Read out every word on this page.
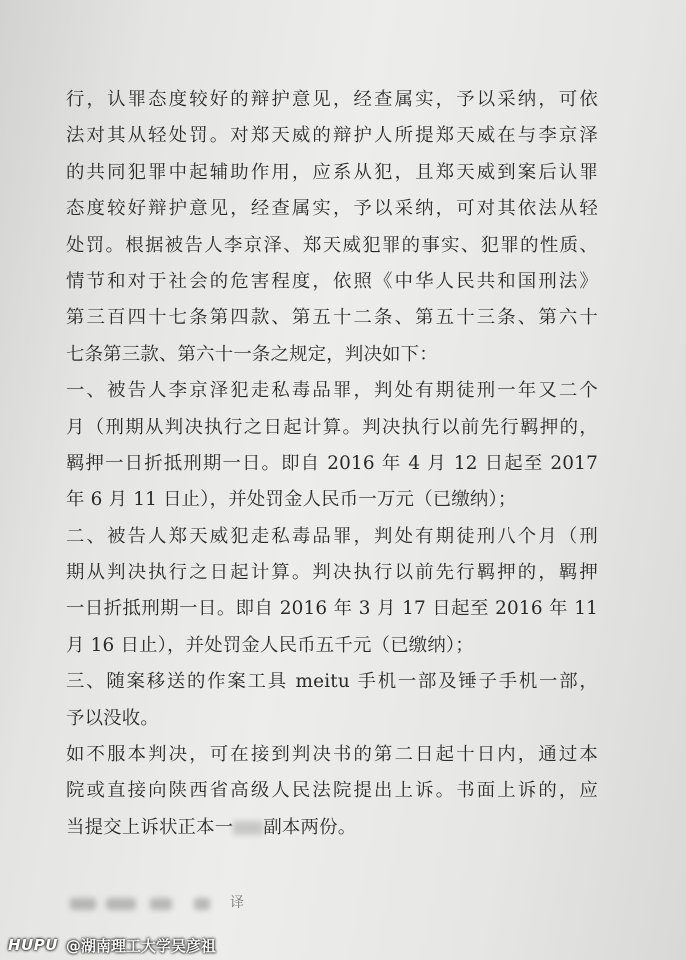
行，认罪态度较好的辩护意见，经查属实，予以采纳，可依
法对其从轻处罚。对郑天威的辩护人所提郑天威在与李京泽
的共同犯罪中起辅助作用，应系从犯，且郑天威到案后认罪
态度较好辩护意见，经查属实，予以采纳，可对其依法从轻
处罚。根据被告人李京泽、郑天威犯罪的事实、犯罪的性质、
情节和对于社会的危害程度，依照《中华人民共和国刑法》
第三百四十七条第四款、第五十二条、第五十三条、第六十
七条第三款、第六十一条之规定，判决如下：
一、被告人李京泽犯走私毒品罪，判处有期徒刑一年又二个
月（刑期从判决执行之日起计算。判决执行以前先行羁押的，
羁押一日折抵刑期一日。即自 2016 年 4 月 12 日起至 2017
年 6 月 11 日止），并处罚金人民币一万元（已缴纳）；
二、被告人郑天威犯走私毒品罪，判处有期徒刑八个月（刑
期从判决执行之日起计算。判决执行以前先行羁押的，羁押
一日折抵刑期一日。即自 2016 年 3 月 17 日起至 2016 年 11
月 16 日止），并处罚金人民币五千元（已缴纳）；
三、随案移送的作案工具 meitu 手机一部及锤子手机一部，
予以没收。
如不服本判决，可在接到判决书的第二日起十日内，通过本
院或直接向陕西省高级人民法院提出上诉。书面上诉的，应
当提交上诉状正本一 副本两份。
译
HUPU @湖南理工大学吴彦祖
